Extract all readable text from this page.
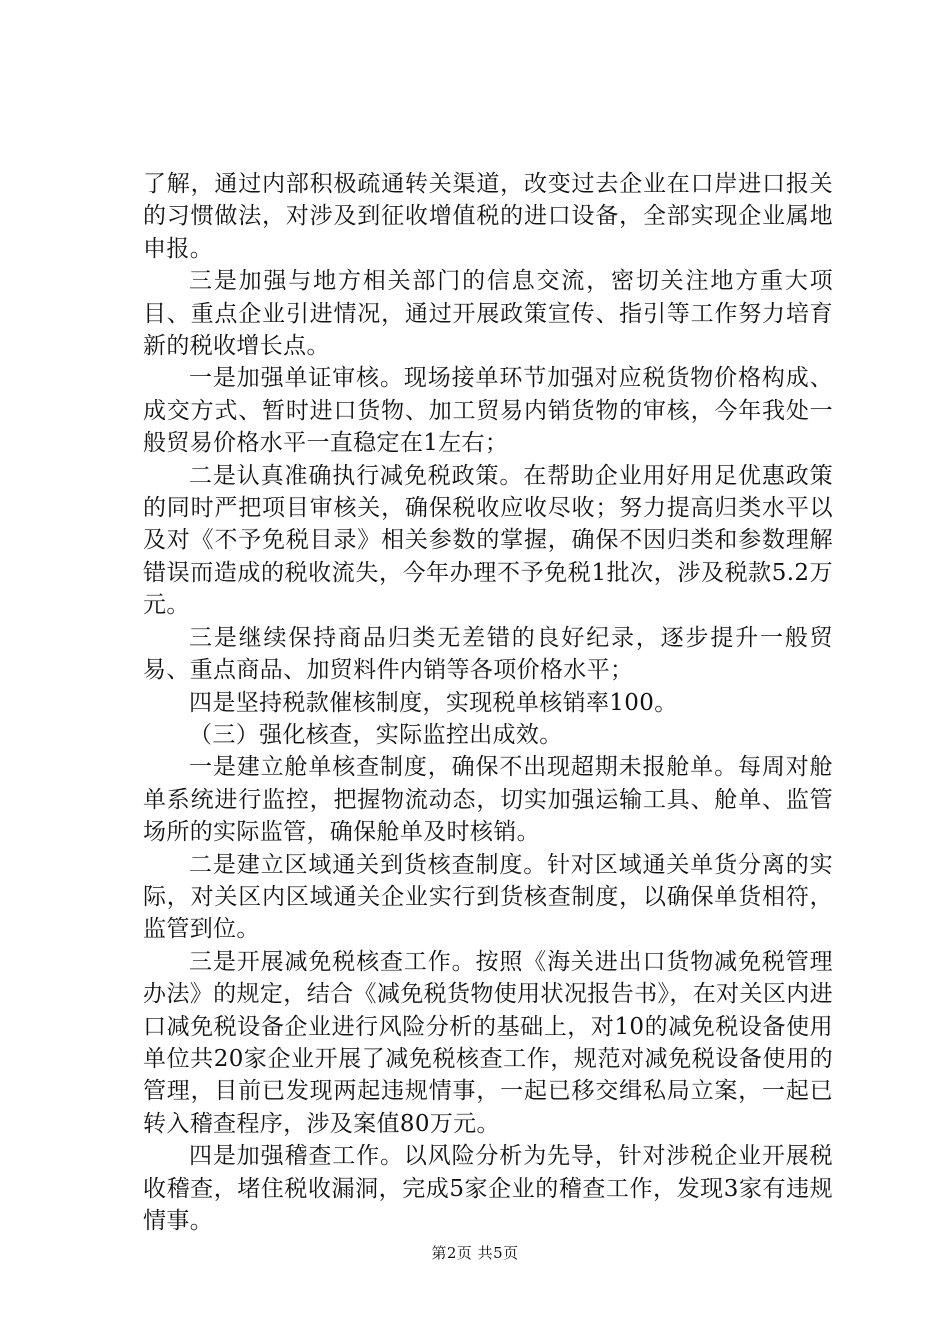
了解，通过内部积极疏通转关渠道，改变过去企业在口岸进口报关的习惯做法，对涉及到征收增值税的进口设备，全部实现企业属地申报。

三是加强与地方相关部门的信息交流，密切关注地方重大项目、重点企业引进情况，通过开展政策宣传、指引等工作努力培育新的税收增长点。

一是加强单证审核。现场接单环节加强对应税货物价格构成、成交方式、暂时进口货物、加工贸易内销货物的审核，今年我处一般贸易价格水平一直稳定在1左右；

二是认真准确执行减免税政策。在帮助企业用好用足优惠政策的同时严把项目审核关，确保税收应收尽收；努力提高归类水平以及对《不予免税目录》相关参数的掌握，确保不因归类和参数理解错误而造成的税收流失，今年办理不予免税1批次，涉及税款5.2万元。

三是继续保持商品归类无差错的良好纪录，逐步提升一般贸易、重点商品、加贸料件内销等各项价格水平；

四是坚持税款催核制度，实现税单核销率100。

（三）强化核查，实际监控出成效。

一是建立舱单核查制度，确保不出现超期未报舱单。每周对舱单系统进行监控，把握物流动态，切实加强运输工具、舱单、监管场所的实际监管，确保舱单及时核销。

二是建立区域通关到货核查制度。针对区域通关单货分离的实际，对关区内区域通关企业实行到货核查制度，以确保单货相符，监管到位。

三是开展减免税核查工作。按照《海关进出口货物减免税管理办法》的规定，结合《减免税货物使用状况报告书》，在对关区内进口减免税设备企业进行风险分析的基础上，对10的减免税设备使用单位共20家企业开展了减免税核查工作，规范对减免税设备使用的管理，目前已发现两起违规情事，一起已移交缉私局立案，一起已转入稽查程序，涉及案值80万元。

四是加强稽查工作。以风险分析为先导，针对涉税企业开展税收稽查，堵住税收漏洞，完成5家企业的稽查工作，发现3家有违规情事。

第2页 共5页
